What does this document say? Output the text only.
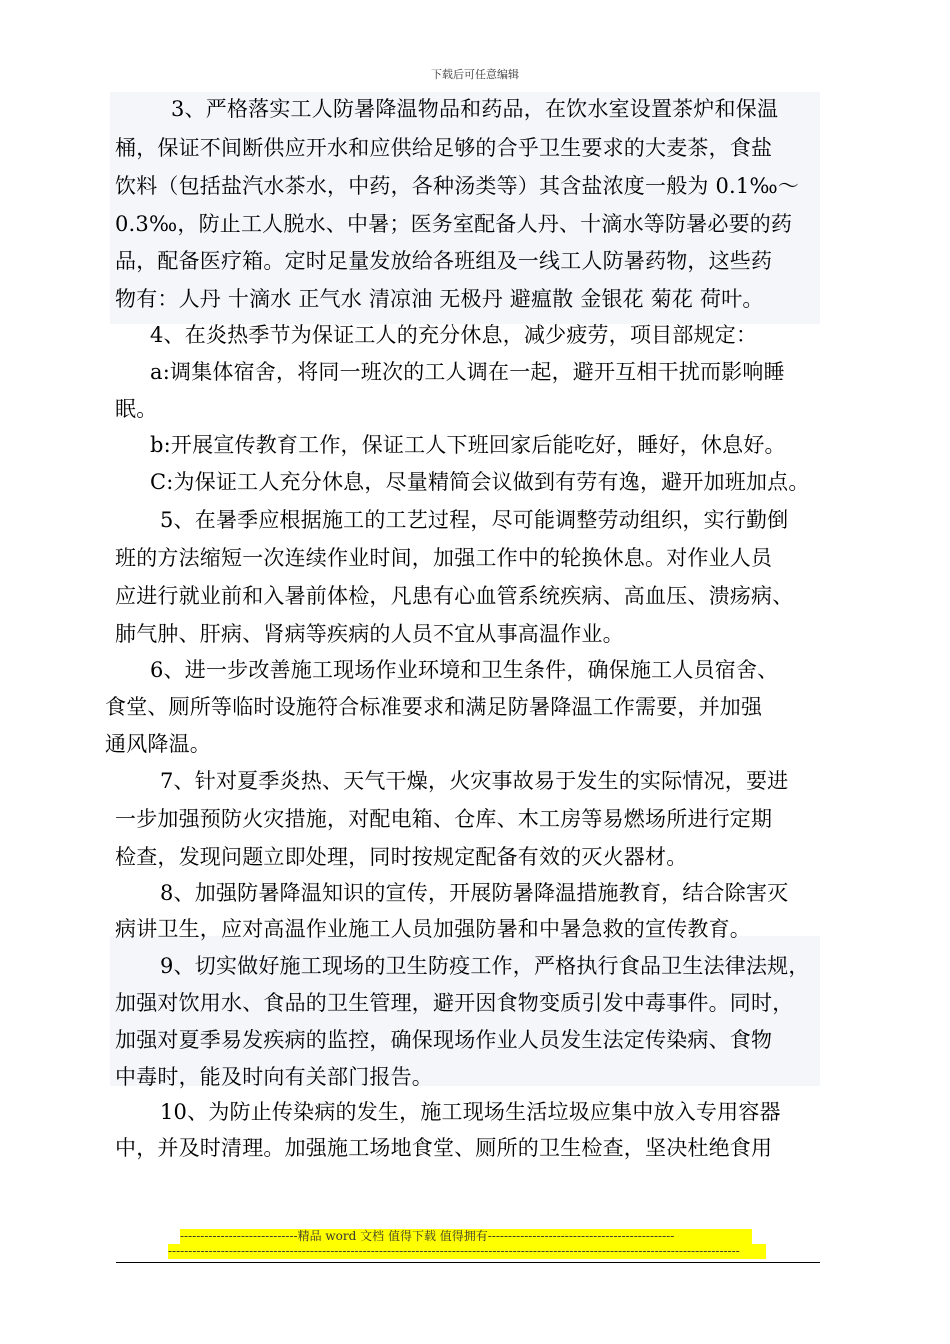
下载后可任意编辑
3、严格落实工人防暑降温物品和药品，在饮水室设置茶炉和保温
桶，保证不间断供应开水和应供给足够的合乎卫生要求的大麦茶，食盐
饮料（包括盐汽水茶水，中药，各种汤类等）其含盐浓度一般为 0.1‰～
0.3‰，防止工人脱水、中暑；医务室配备人丹、十滴水等防暑必要的药
品，配备医疗箱。定时足量发放给各班组及一线工人防暑药物，这些药
物有：人丹 十滴水 正气水 清凉油 无极丹 避瘟散 金银花 菊花 荷叶。
4、在炎热季节为保证工人的充分休息，减少疲劳，项目部规定：
a:调集体宿舍，将同一班次的工人调在一起，避开互相干扰而影响睡
眠。
b:开展宣传教育工作，保证工人下班回家后能吃好，睡好，休息好。
C:为保证工人充分休息，尽量精简会议做到有劳有逸，避开加班加点。
5、在暑季应根据施工的工艺过程，尽可能调整劳动组织，实行勤倒
班的方法缩短一次连续作业时间，加强工作中的轮换休息。对作业人员
应进行就业前和入暑前体检，凡患有心血管系统疾病、高血压、溃疡病、
肺气肿、肝病、肾病等疾病的人员不宜从事高温作业。
6、进一步改善施工现场作业环境和卫生条件，确保施工人员宿舍、
食堂、厕所等临时设施符合标准要求和满足防暑降温工作需要，并加强
通风降温。
7、针对夏季炎热、天气干燥，火灾事故易于发生的实际情况，要进
一步加强预防火灾措施，对配电箱、仓库、木工房等易燃场所进行定期
检查，发现问题立即处理，同时按规定配备有效的灭火器材。
8、加强防暑降温知识的宣传，开展防暑降温措施教育，结合除害灭
病讲卫生，应对高温作业施工人员加强防暑和中暑急救的宣传教育。
9、切实做好施工现场的卫生防疫工作，严格执行食品卫生法律法规，
加强对饮用水、食品的卫生管理，避开因食物变质引发中毒事件。同时，
加强对夏季易发疾病的监控，确保现场作业人员发生法定传染病、食物
中毒时，能及时向有关部门报告。
10、为防止传染病的发生，施工现场生活垃圾应集中放入专用容器
中，并及时清理。加强施工场地食堂、厕所的卫生检查，坚决杜绝食用
-----------------------------精品 word 文档 值得下载 值得拥有----------------------------------------------
---------------------------------------------------------------------------------------------------------------------------------------------
